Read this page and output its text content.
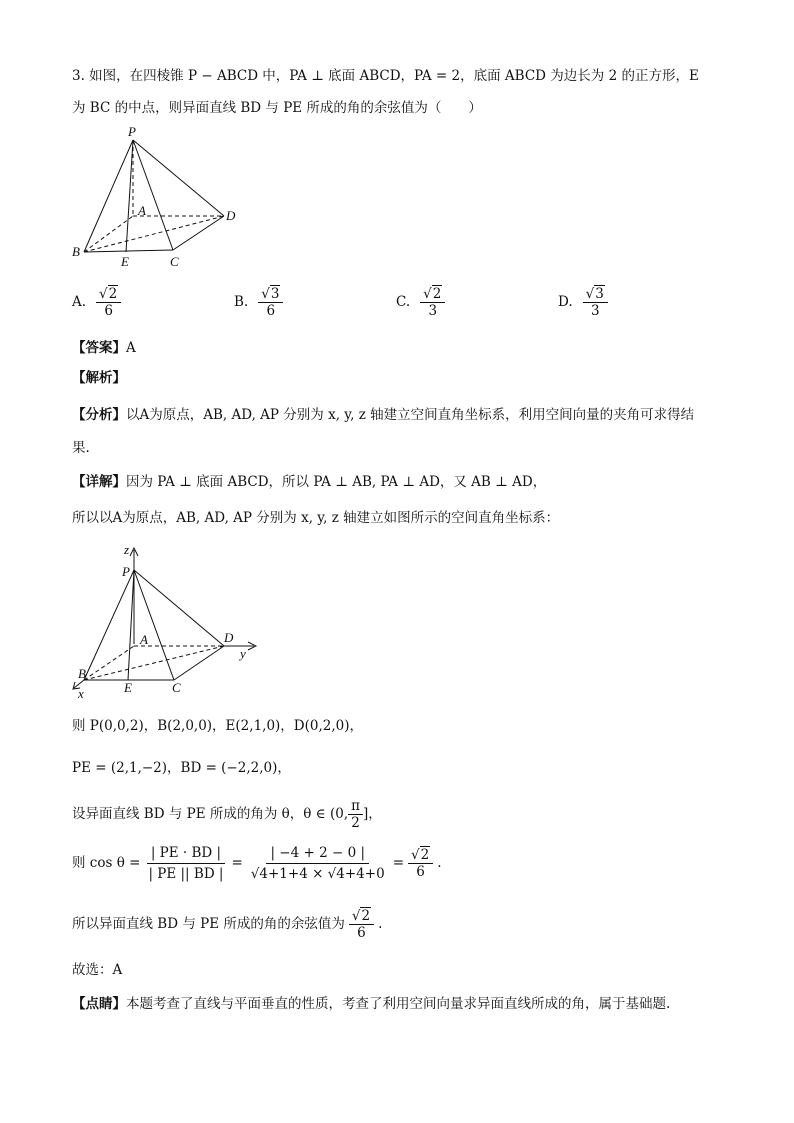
3. 如图，在四棱锥 P − ABCD 中，PA ⊥ 底面 ABCD，PA = 2，底面 ABCD 为边长为 2 的正方形，E
为 BC 的中点，则异面直线 BD 与 PE 所成的角的余弦值为（　　）
P
A
B
C
D
E
A. $\frac{√2}{6}$	B. $\frac{√3}{6}$	C. $\frac{√2}{3}$	D. $\frac{√3}{3}$
【答案】A
【解析】
【分析】以A为原点，AB, AD, AP 分别为 x, y, z 轴建立空间直角坐标系，利用空间向量的夹角可求得结
果.
【详解】因为 PA ⊥ 底面 ABCD，所以 PA ⊥ AB, PA ⊥ AD，又 AB ⊥ AD，
所以以A为原点，AB, AD, AP 分别为 x, y, z 轴建立如图所示的空间直角坐标系：
z
P
A
B
C
D
E
y
x
则 P(0,0,2)，B(2,0,0)，E(2,1,0)，D(0,2,0)，
PE = (2,1,−2)，BD = (−2,2,0)，
设异面直线 BD 与 PE 所成的角为 θ，θ ∈ (0, $\frac{\pi}{2}$ ]，
则 $\cos \theta = \frac{| PE \cdot BD |}{| PE || BD |} = \frac{| -4 + 2 - 0 |}{√4+1+4 \times √4+4+0} = \frac{√2}{6}$ .
所以异面直线 BD 与 PE 所成的角的余弦值为 $\frac{√2}{6}$ .
故选：A
【点睛】本题考查了直线与平面垂直的性质，考查了利用空间向量求异面直线所成的角，属于基础题.
